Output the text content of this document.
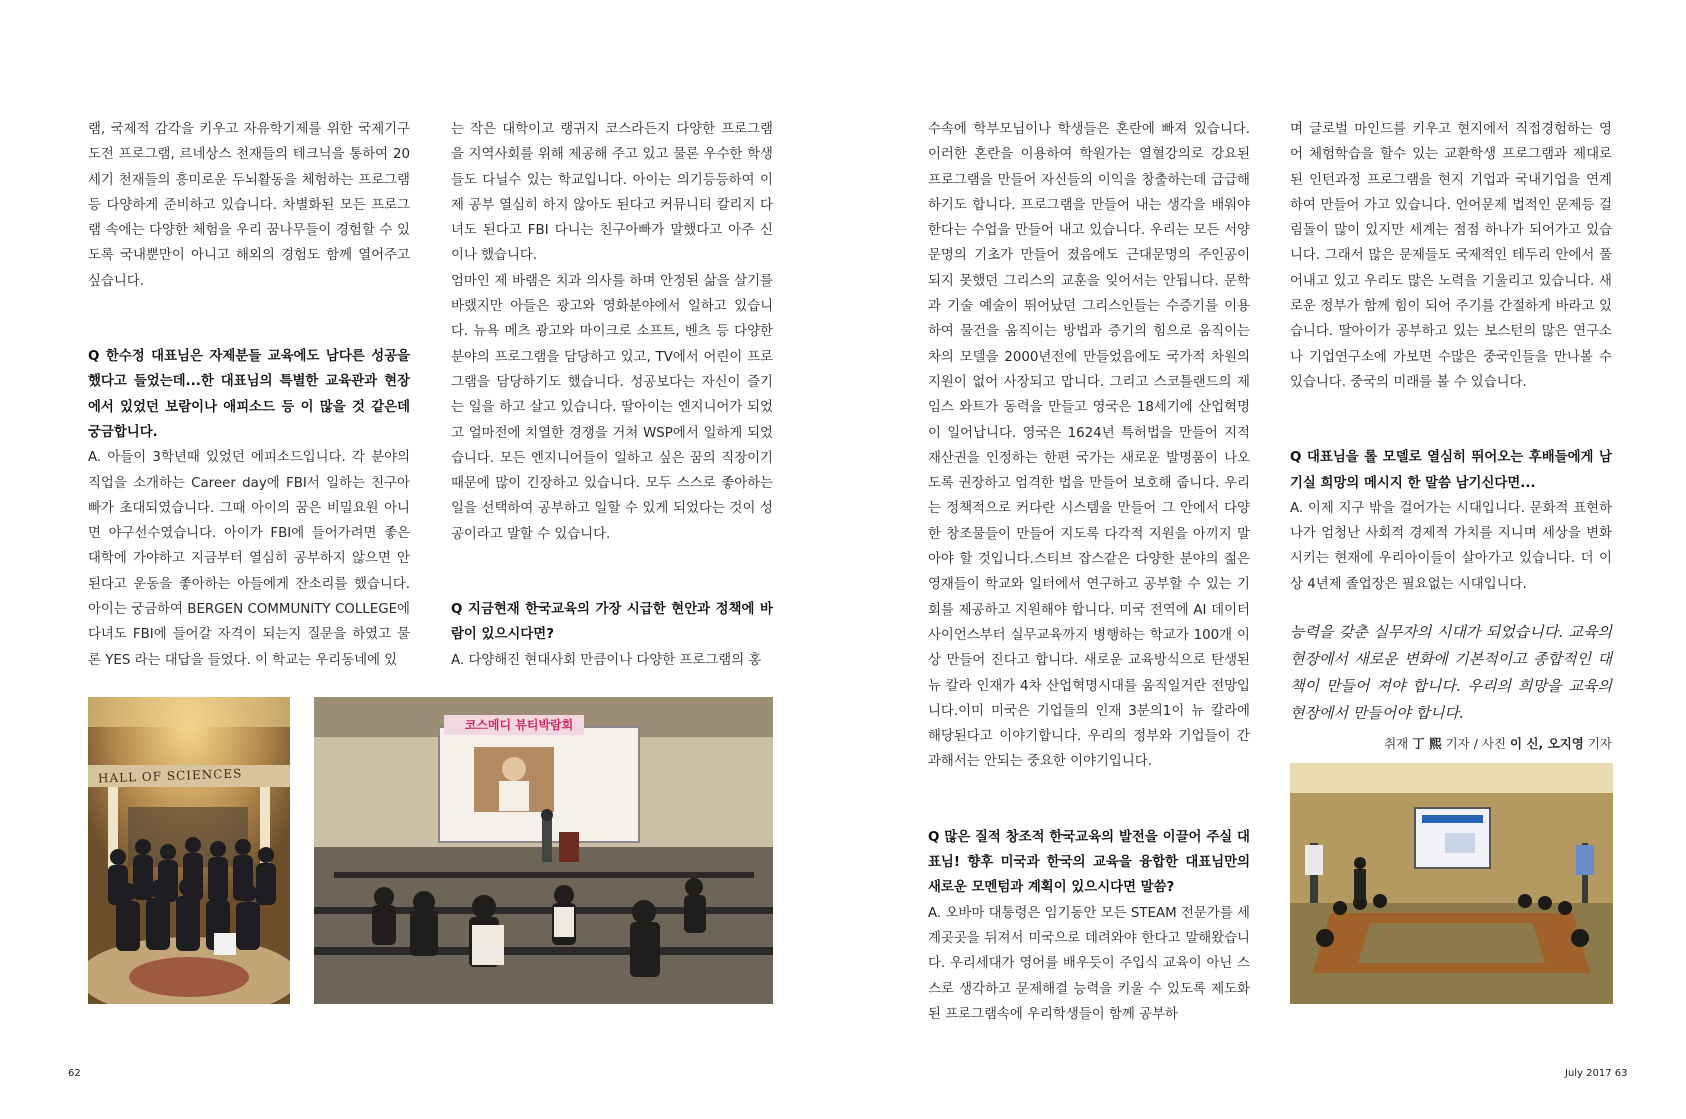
램, 국제적 감각을 키우고 자유학기제를 위한 국제기구도전 프로그램, 르네상스 천재들의 테크닉을 통하여 20세기 천재들의 흥미로운 두뇌활동을 체험하는 프로그램등 다양하게 준비하고 있습니다. 차별화된 모든 프로그램 속에는 다양한 체험을 우리 꿈나무들이 경험할 수 있도록 국내뿐만이 아니고 해외의 경험도 함께 열어주고 싶습니다.

Q 한수정 대표님은 자제분들 교육에도 남다른 성공을 했다고 들었는데...한 대표님의 특별한 교육관과 현장에서 있었던 보람이나 애피소드 등 이 많을 것 같은데 궁금합니다.

A. 아들이 3학년때 있었던 에피소드입니다. 각 분야의 직업을 소개하는 Career day에 FBI서 일하는 친구아빠가 초대되였습니다. 그때 아이의 꿈은 비밀요원 아니면 야구선수였습니다. 아이가 FBI에 들어가려면 좋은 대학에 가야하고 지금부터 열심히 공부하지 않으면 안된다고 운동을 좋아하는 아들에게 잔소리를 했습니다. 아이는 궁금하여 BERGEN COMMUNITY COLLEGE에 다녀도 FBI에 들어갈 자격이 되는지 질문을 하였고 물론 YES 라는 대답을 들었다. 이 학교는 우리동네에 있

는 작은 대학이고 랭귀지 코스라든지 다양한 프로그램을 지역사회를 위해 제공해 주고 있고 물론 우수한 학생들도 다닐수 있는 학교입니다. 아이는 의기등등하여 이제 공부 열심히 하지 않아도 된다고 커뮤니티 칼리지 다녀도 된다고 FBI 다니는 친구아빠가 말했다고 아주 신이나 했습니다.

엄마인 제 바램은 치과 의사를 하며 안정된 삶을 살기를 바랬지만 아들은 광고와 영화분야에서 일하고 있습니다. 뉴욕 메츠 광고와 마이크로 소프트, 벤츠 등 다양한 분야의 프로그램을 담당하고 있고, TV에서 어린이 프로그램을 담당하기도 했습니다. 성공보다는 자신이 즐기는 일을 하고 살고 있습니다. 딸아이는 엔지니어가 되었고 얼마전에 치열한 경쟁을 거쳐 WSP에서 일하게 되었습니다. 모든 엔지니어들이 일하고 싶은 꿈의 직장이기 때문에 많이 긴장하고 있습니다. 모두 스스로 좋아하는 일을 선택하여 공부하고 일할 수 있게 되었다는 것이 성공이라고 말할 수 있습니다.

Q 지금현재 한국교육의 가장 시급한 현안과 정책에 바람이 있으시다면?

A. 다양해진 현대사회 만큼이나 다양한 프로그램의 홍

HALL OF SCIENCES
코스메디 뷰티박람회
62

수속에 학부모님이나 학생들은 혼란에 빠져 있습니다. 이러한 혼란을 이용하여 학원가는 열혈강의로 강요된 프로그램을 만들어 자신들의 이익을 창출하는데 급급해 하기도 합니다. 프로그램을 만들어 내는 생각을 배워야한다는 수업을 만들어 내고 있습니다. 우리는 모든 서양문명의 기초가 만들어 졌음에도 근대문명의 주인공이 되지 못했던 그리스의 교훈을 잊어서는 안됩니다. 문학과 기술 예술이 뛰어났던 그리스인들는 수증기를 이용하여 물건을 움직이는 방법과 증기의 힘으로 움직이는 차의 모델을 2000년전에 만들었음에도 국가적 차원의 지원이 없어 사장되고 맙니다. 그리고 스코틀랜드의 제임스 와트가 동력을 만들고 영국은 18세기에 산업혁명이 일어납니다. 영국은 1624년 특허법을 만들어 지적재산권을 인정하는 한편 국가는 새로운 발명품이 나오도록 권장하고 엄격한 법을 만들어 보호해 줍니다. 우리는 정책적으로 커다란 시스템을 만들어 그 안에서 다양한 창조물들이 만들어 지도록 다각적 지원을 아끼지 말아야 할 것입니다.스티브 잡스같은 다양한 분야의 젊은 영재들이 학교와 일터에서 연구하고 공부할 수 있는 기회를 제공하고 지원해야 합니다. 미국 전역에 AI 데이터 사이언스부터 실무교육까지 병행하는 학교가 100개 이상 만들어 진다고 합니다. 새로운 교육방식으로 탄생된 뉴 칼라 인재가 4차 산업혁명시대를 움직일거란 전망입니다.이미 미국은 기업들의 인재 3분의1이 뉴 칼라에 해당된다고 이야기합니다. 우리의 정부와 기업들이 간과해서는 안되는 중요한 이야기입니다.

Q 많은 질적 창조적 한국교육의 발전을 이끌어 주실 대표님! 향후 미국과 한국의 교육을 융합한 대표님만의 새로운 모멘텀과 계획이 있으시다면 말씀?

A. 오바마 대통령은 임기동안 모든 STEAM 전문가를 세계곳곳을 뒤져서 미국으로 데려와야 한다고 말해왔습니다. 우리세대가 영어를 배우듯이 주입식 교육이 아닌 스스로 생각하고 문제해결 능력을 키울 수 있도록 제도화된 프로그램속에 우리학생들이 함께 공부하

며 글로벌 마인드를 키우고 현지에서 직접경험하는 영어 체험학습을 할수 있는 교환학생 프로그램과 제대로된 인턴과정 프로그램을 현지 기업과 국내기업을 연계하여 만들어 가고 있습니다. 언어문제 법적인 문제등 걸림돌이 많이 있지만 세계는 점점 하나가 되어가고 있습니다. 그래서 많은 문제들도 국제적인 테두리 안에서 풀어내고 있고 우리도 많은 노력을 기울리고 있습니다. 새로운 정부가 함께 힘이 되어 주기를 간절하게 바라고 있습니다. 딸아이가 공부하고 있는 보스턴의 많은 연구소나 기업연구소에 가보면 수많은 중국인들을 만나볼 수 있습니다. 중국의 미래를 볼 수 있습니다.

Q 대표님을 롤 모델로 열심히 뛰어오는 후배들에게 남기실 희망의 메시지 한 말씀 남기신다면...

A. 이제 지구 밖을 걸어가는 시대입니다. 문화적 표현하나가 엄청난 사회적 경제적 가치를 지니며 세상을 변화 시키는 현재에 우리아이들이 살아가고 있습니다. 더 이상 4년제 졸업장은 필요없는 시대입니다.

능력을 갖춘 실무자의 시대가 되었습니다. 교육의 현장에서 새로운 변화에 기본적이고 종합적인 대책이 만들어 져야 합니다. 우리의 희망을 교육의 현장에서 만들어야 합니다.

취재 丁 熙 기자 / 사진 이 신, 오지영 기자

July 2017 63
